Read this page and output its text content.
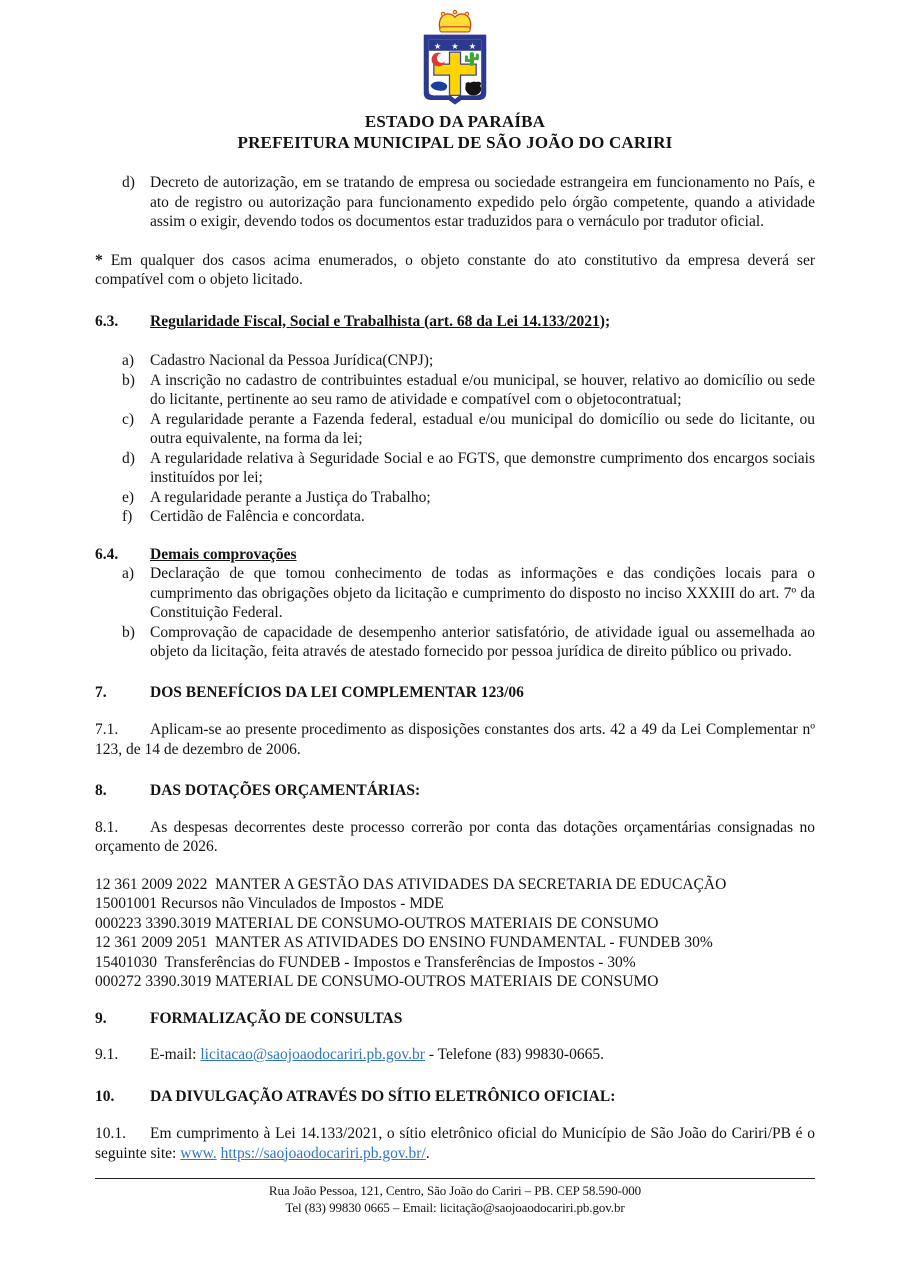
★ ★ ★
ESTADO DA PARAÍBA
PREFEITURA MUNICIPAL DE SÃO JOÃO DO CARIRI
d) Decreto de autorização, em se tratando de empresa ou sociedade estrangeira em funcionamento no País, e ato de registro ou autorização para funcionamento expedido pelo órgão competente, quando a atividade assim o exigir, devendo todos os documentos estar traduzidos para o vernáculo por tradutor oficial.

* Em qualquer dos casos acima enumerados, o objeto constante do ato constitutivo da empresa deverá ser compatível com o objeto licitado.

6.3. Regularidade Fiscal, Social e Trabalhista (art. 68 da Lei 14.133/2021);
a) Cadastro Nacional da Pessoa Jurídica(CNPJ);
b) A inscrição no cadastro de contribuintes estadual e/ou municipal, se houver, relativo ao domicílio ou sede do licitante, pertinente ao seu ramo de atividade e compatível com o objetocontratual;
c) A regularidade perante a Fazenda federal, estadual e/ou municipal do domicílio ou sede do licitante, ou outra equivalente, na forma da lei;
d) A regularidade relativa à Seguridade Social e ao FGTS, que demonstre cumprimento dos encargos sociais instituídos por lei;
e) A regularidade perante a Justiça do Trabalho;
f) Certidão de Falência e concordata.
6.4. Demais comprovações
a) Declaração de que tomou conhecimento de todas as informações e das condições locais para o cumprimento das obrigações objeto da licitação e cumprimento do disposto no inciso XXXIII do art. 7º da Constituição Federal.
b) Comprovação de capacidade de desempenho anterior satisfatório, de atividade igual ou assemelhada ao objeto da licitação, feita através de atestado fornecido por pessoa jurídica de direito público ou privado.
7.	DOS BENEFÍCIOS DA LEI COMPLEMENTAR 123/06

7.1. Aplicam-se ao presente procedimento as disposições constantes dos arts. 42 a 49 da Lei Complementar nº 123, de 14 de dezembro de 2006.

8.	DAS DOTAÇÕES ORÇAMENTÁRIAS:

8.1. As despesas decorrentes deste processo correrão por conta das dotações orçamentárias consignadas no orçamento de 2026.

12 361 2009 2022  MANTER A GESTÃO DAS ATIVIDADES DA SECRETARIA DE EDUCAÇÃO
15001001 Recursos não Vinculados de Impostos - MDE
000223 3390.3019 MATERIAL DE CONSUMO-OUTROS MATERIAIS DE CONSUMO
12 361 2009 2051  MANTER AS ATIVIDADES DO ENSINO FUNDAMENTAL - FUNDEB 30%
15401030  Transferências do FUNDEB - Impostos e Transferências de Impostos - 30%
000272 3390.3019 MATERIAL DE CONSUMO-OUTROS MATERIAIS DE CONSUMO
9.	FORMALIZAÇÃO DE CONSULTAS

9.1. E-mail: licitacao@saojoaodocariri.pb.gov.br - Telefone (83) 99830-0665.

10. DA DIVULGAÇÃO ATRAVÉS DO SÍTIO ELETRÔNICO OFICIAL:

10.1. Em cumprimento à Lei 14.133/2021, o sítio eletrônico oficial do Município de São João do Cariri/PB é o seguinte site: www. https://saojoaodocariri.pb.gov.br/.

Rua João Pessoa, 121, Centro, São João do Cariri – PB. CEP 58.590-000
Tel (83) 99830 0665 – Email: licitação@saojoaodocariri.pb.gov.br
